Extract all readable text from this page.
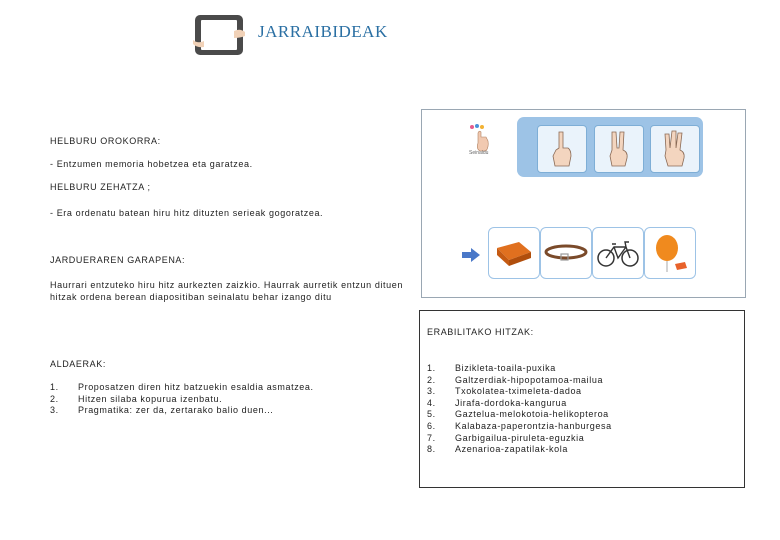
JARRAIBIDEAK
HELBURU OROKORRA:
- Entzumen memoria hobetzea eta garatzea.
HELBURU ZEHATZA ;
- Era ordenatu batean hiru hitz dituzten serieak gogoratzea.
JARDUERAREN GARAPENA:
Haurrari entzuteko hiru hitz aurkezten zaizkio. Haurrak aurretik entzun dituen
hitzak ordena berean diapositiban seinalatu behar izango ditu
ALDAERAK:
1.
2.
3.
Proposatzen diren hitz batzuekin esaldia asmatzea.
Hitzen silaba kopurua izenbatu.
Pragmatika: zer da, zertarako balio duen...
Seinaldu
ERABILITAKO HITZAK:
1.
2.
3.
4.
5.
6.
7.
8.
Bizikleta-toaila-puxika
Galtzerdiak-hipopotamoa-mailua
Txokolatea-tximeleta-dadoa
Jirafa-dordoka-kangurua
Gaztelua-melokotoia-helikopteroa
Kalabaza-paperontzia-hanburgesa
Garbigailua-piruleta-eguzkia
Azenarioa-zapatilak-kola
